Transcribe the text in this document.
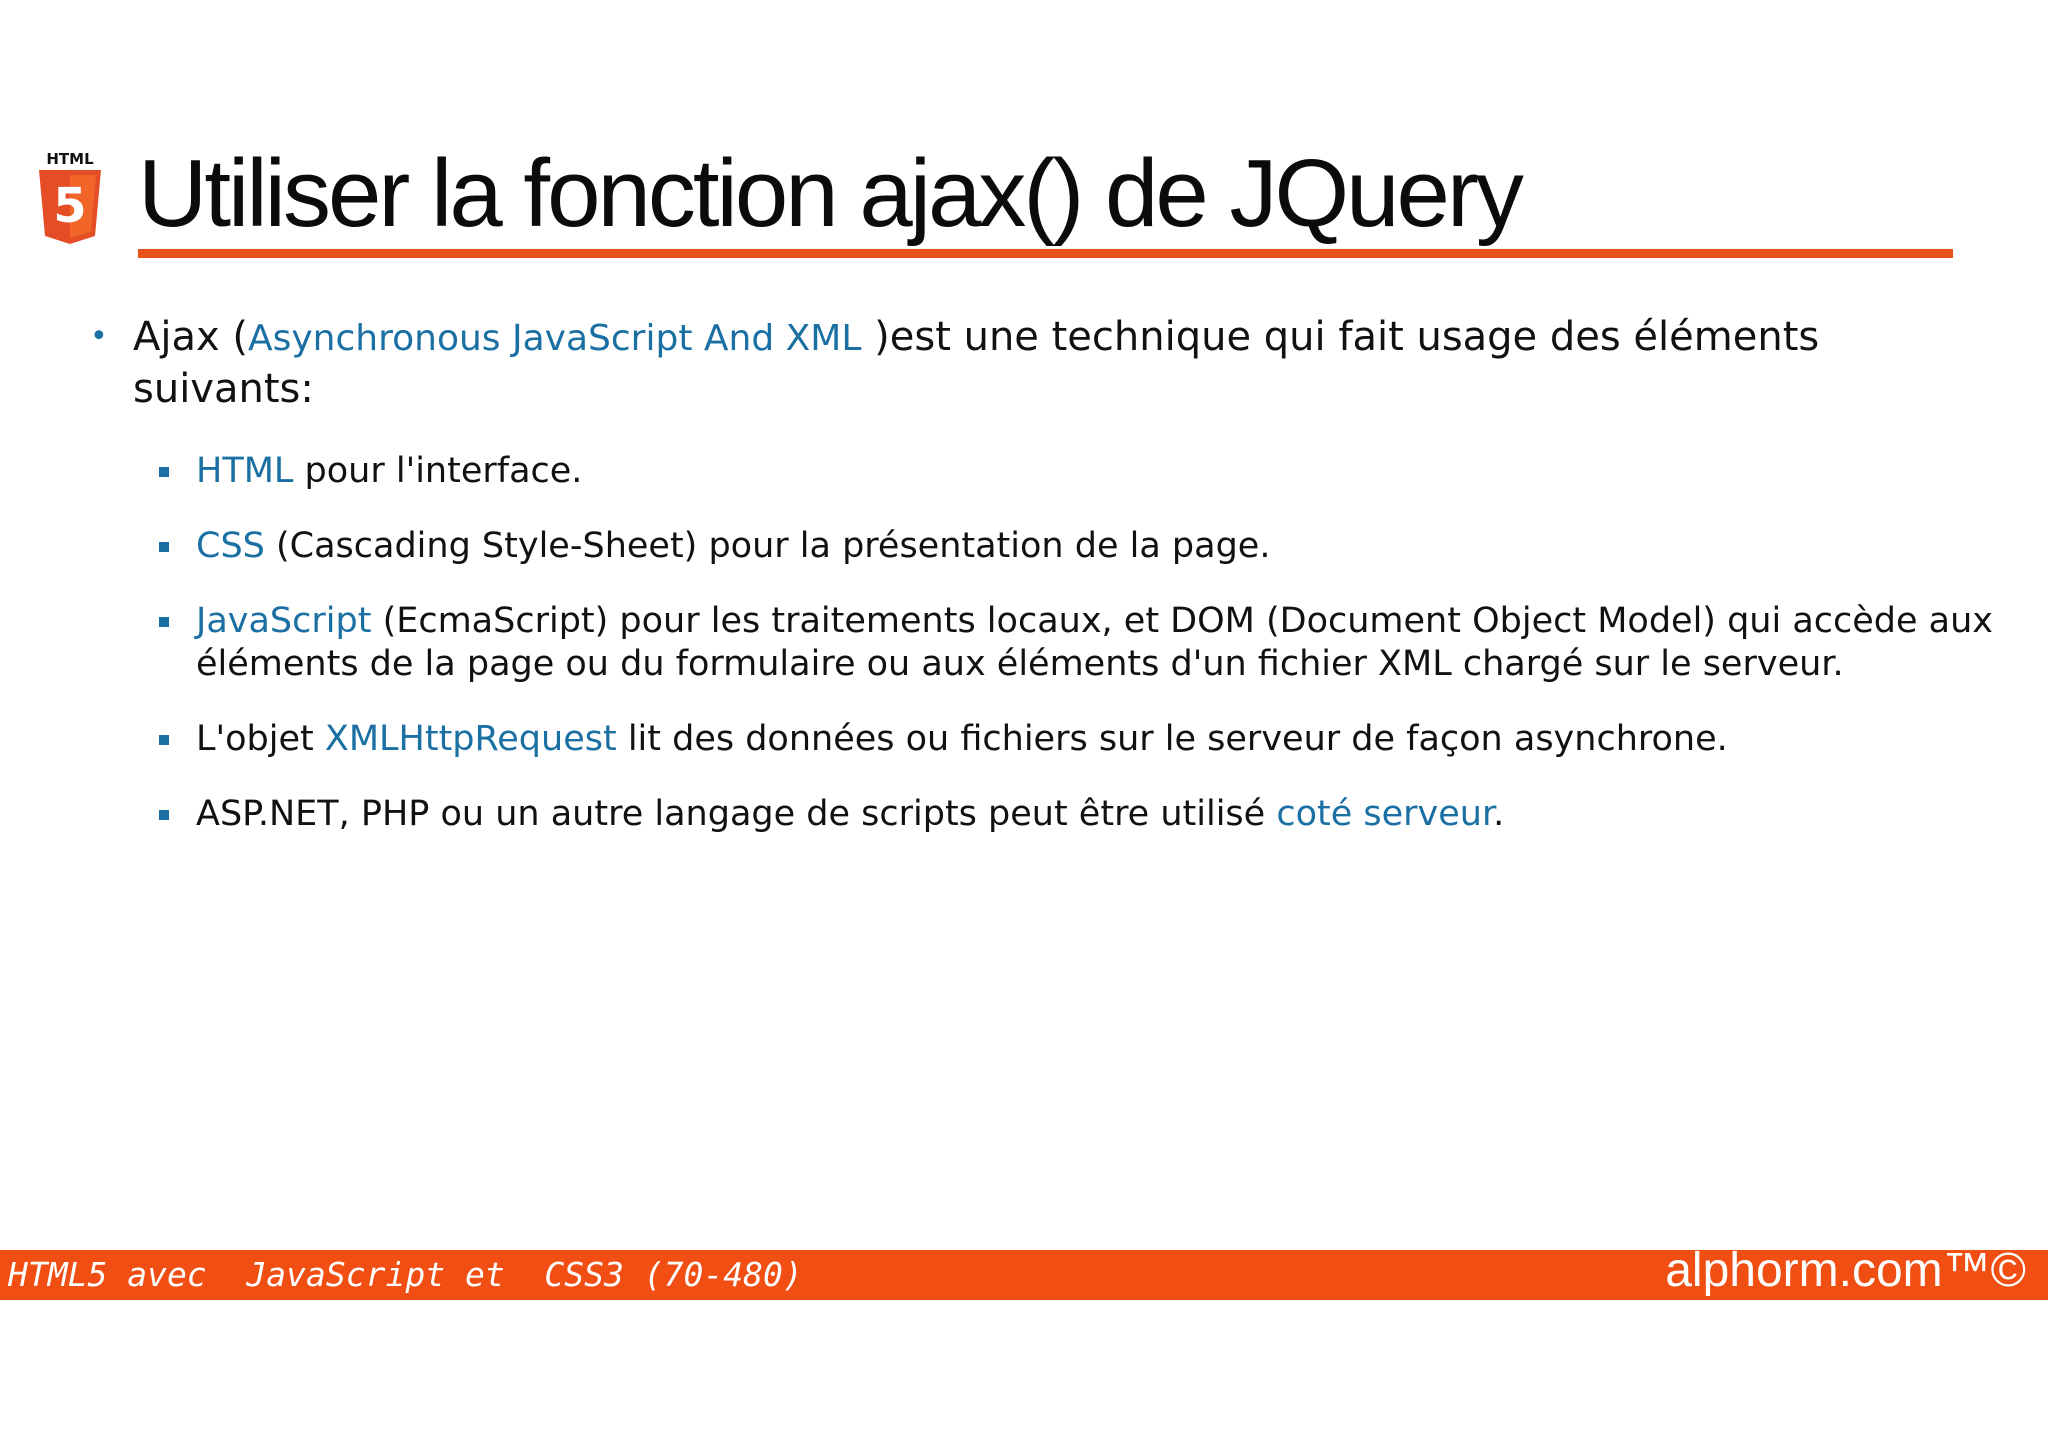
HTML
5 Utiliser la fonction ajax() de JQuery
• Ajax (Asynchronous JavaScript And XML )est une technique qui fait usage des éléments suivants:
HTML pour l'interface.
CSS (Cascading Style-Sheet) pour la présentation de la page.
JavaScript (EcmaScript) pour les traitements locaux, et DOM (Document Object Model) qui accède aux éléments de la page ou du formulaire ou aux éléments d'un fichier XML chargé sur le serveur.
L'objet XMLHttpRequest lit des données ou fichiers sur le serveur de façon asynchrone.
ASP.NET, PHP ou un autre langage de scripts peut être utilisé coté serveur.
HTML5 avec  JavaScript et  CSS3 (70-480)	alphorm.com™©
